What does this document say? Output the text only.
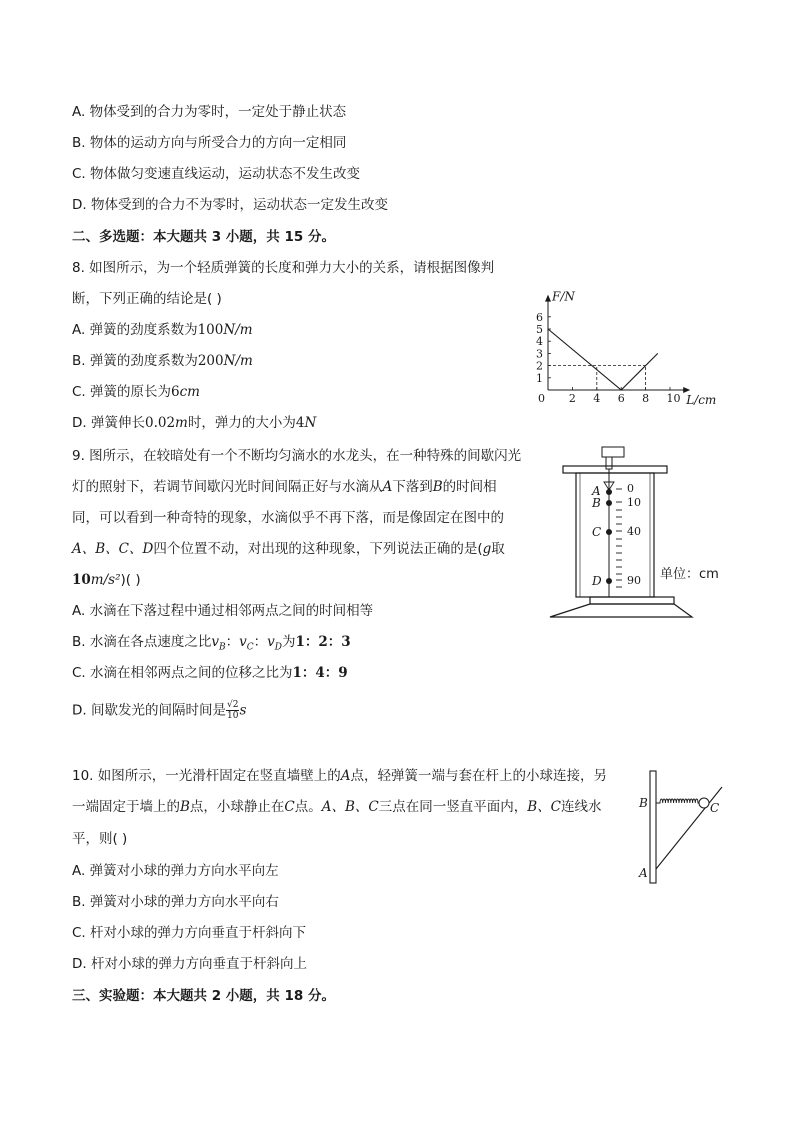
A. 物体受到的合力为零时，一定处于静止状态
B. 物体的运动方向与所受合力的方向一定相同
C. 物体做匀变速直线运动，运动状态不发生改变
D. 物体受到的合力不为零时，运动状态一定发生改变
二、多选题：本大题共 3 小题，共 15 分。
8. 如图所示，为一个轻质弹簧的长度和弹力大小的关系，请根据图像判
断，下列正确的结论是( )
A. 弹簧的劲度系数为100N/m
B. 弹簧的劲度系数为200N/m
C. 弹簧的原长为6cm
D. 弹簧伸长0.02m时，弹力的大小为4N
0 2 4 6 8 10
1
2
3
4
5
6
F/N
L/cm
9. 图所示，在较暗处有一个不断均匀滴水的水龙头，在一种特殊的间歇闪光
灯的照射下，若调节间歇闪光时间间隔正好与水滴从A下落到B的时间相
同，可以看到一种奇特的现象，水滴似乎不再下落，而是像固定在图中的
A、B、C、D四个位置不动，对出现的这种现象，下列说法正确的是(g取
10m/s²)( )
A. 水滴在下落过程中通过相邻两点之间的时间相等
B. 水滴在各点速度之比$v_B$：$v_C$：$v_D$为1：2：3
C. 水滴在相邻两点之间的位移之比为1：4：9
D. 间歇发光的间隔时间是 $\frac{√2}{10}$ s
A
B
C
D
0
10
40
90 单位：cm
10. 如图所示，一光滑杆固定在竖直墙壁上的A点，轻弹簧一端与套在杆上的小球连接，另
一端固定于墙上的B点，小球静止在C点。A、B、C三点在同一竖直平面内，B、C连线水
平，则( )
A. 弹簧对小球的弹力方向水平向左
B. 弹簧对小球的弹力方向水平向右
C. 杆对小球的弹力方向垂直于杆斜向下
D. 杆对小球的弹力方向垂直于杆斜向上
B	C
A
三、实验题：本大题共 2 小题，共 18 分。
